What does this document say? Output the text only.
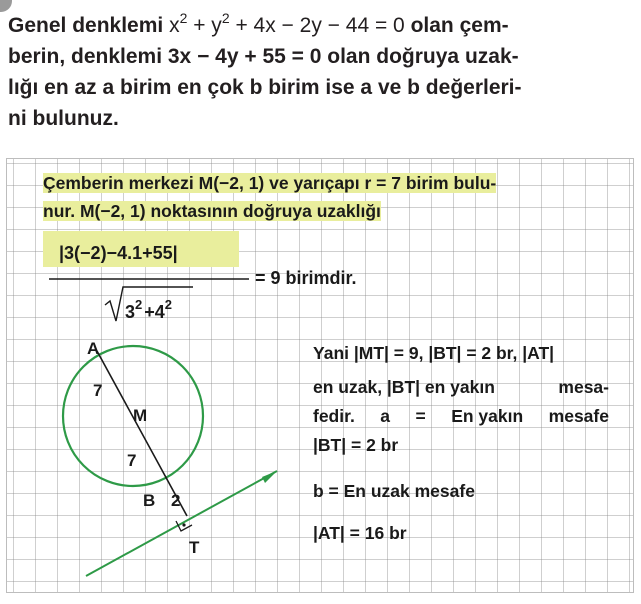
Genel denklemi
$x^2 + y^2 + 4x - 2y - 44 = 0$
olan çem-
berin, denklemi 3x − 4y + 55 = 0 olan doğruya uzak-
lığı en az a birim en çok b birim ise a ve b değerleri-
ni bulunuz.
Çemberin merkezi M(−2, 1) ve yarıçapı r = 7 birim bulu-
nur. M(−2, 1) noktasının doğruya uzaklığı
|3(−2)−4.1+55|
= 9 birimdir.
$3^2 +4^2$
A
M
B
T
7
7
2
Yani |MT| = 9, |BT| = 2 br, |AT|
en uzak, |BT| en yakın	mesa-
fedir. a = En yakın mesafe
|BT| = 2 br
b = En uzak mesafe
|AT| = 16 br
